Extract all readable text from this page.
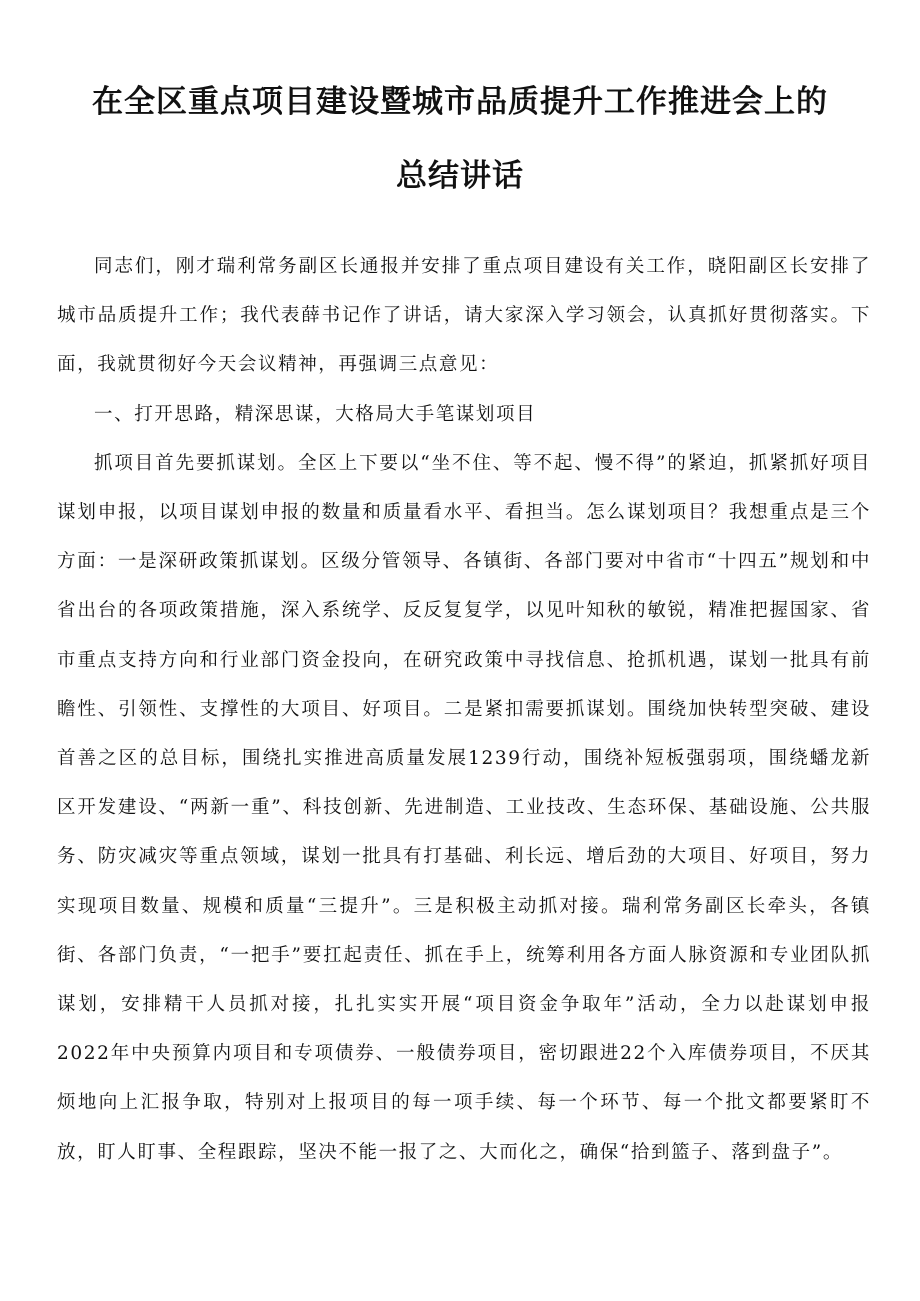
在全区重点项目建设暨城市品质提升工作推进会上的
总结讲话

同志们，刚才瑞利常务副区长通报并安排了重点项目建设有关工作，晓阳副区长安排了城市品质提升工作；我代表薛书记作了讲话，请大家深入学习领会，认真抓好贯彻落实。下面，我就贯彻好今天会议精神，再强调三点意见：

一、打开思路，精深思谋，大格局大手笔谋划项目

抓项目首先要抓谋划。全区上下要以“坐不住、等不起、慢不得”的紧迫，抓紧抓好项目谋划申报，以项目谋划申报的数量和质量看水平、看担当。怎么谋划项目？我想重点是三个方面：一是深研政策抓谋划。区级分管领导、各镇街、各部门要对中省市“十四五”规划和中省出台的各项政策措施，深入系统学、反反复复学，以见叶知秋的敏锐，精准把握国家、省市重点支持方向和行业部门资金投向，在研究政策中寻找信息、抢抓机遇，谋划一批具有前瞻性、引领性、支撑性的大项目、好项目。二是紧扣需要抓谋划。围绕加快转型突破、建设首善之区的总目标，围绕扎实推进高质量发展1239行动，围绕补短板强弱项，围绕蟠龙新区开发建设、“两新一重”、科技创新、先进制造、工业技改、生态环保、基础设施、公共服务、防灾减灾等重点领域，谋划一批具有打基础、利长远、增后劲的大项目、好项目，努力实现项目数量、规模和质量“三提升”。三是积极主动抓对接。瑞利常务副区长牵头，各镇街、各部门负责，“一把手”要扛起责任、抓在手上，统筹利用各方面人脉资源和专业团队抓谋划，安排精干人员抓对接，扎扎实实开展“项目资金争取年”活动，全力以赴谋划申报2022年中央预算内项目和专项债券、一般债券项目，密切跟进22个入库债券项目，不厌其烦地向上汇报争取，特别对上报项目的每一项手续、每一个环节、每一个批文都要紧盯不放，盯人盯事、全程跟踪，坚决不能一报了之、大而化之，确保“拾到篮子、落到盘子”。
